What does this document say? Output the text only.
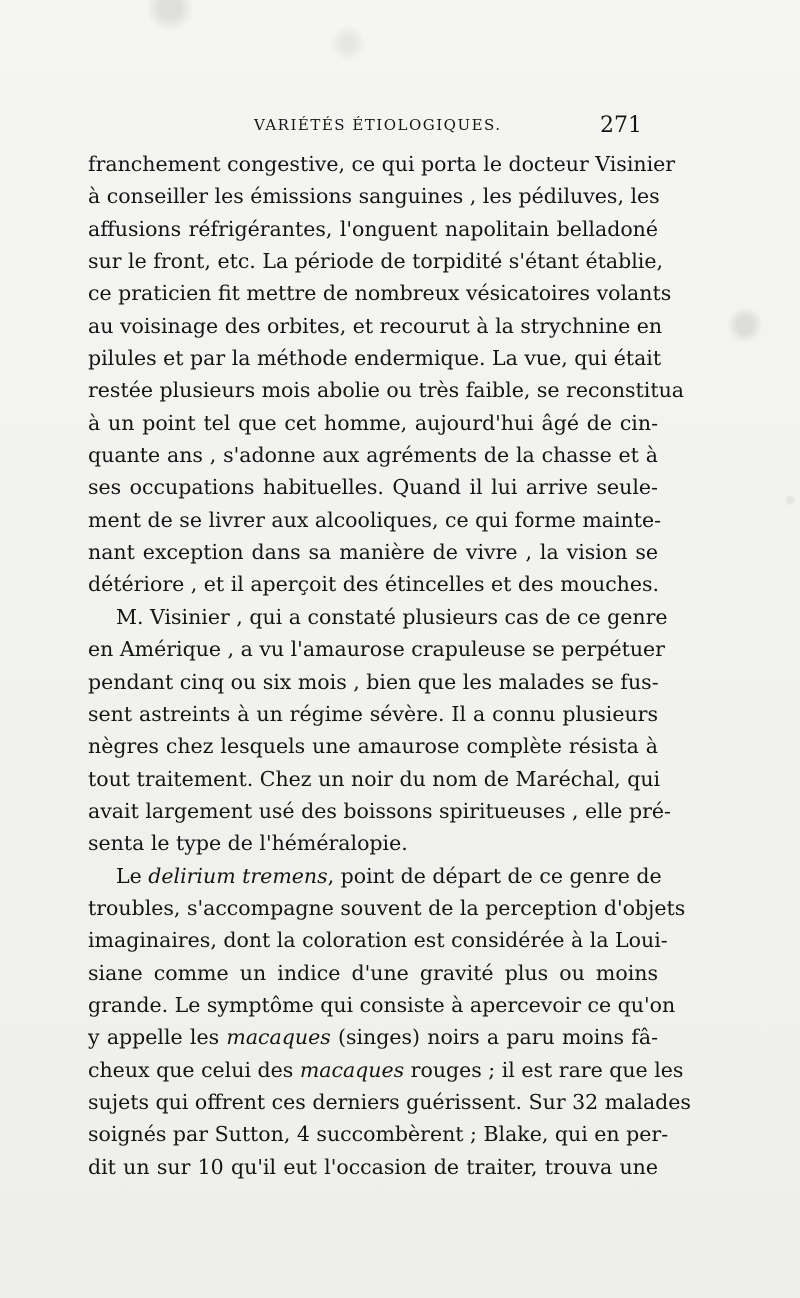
VARIÉTÉS ÉTIOLOGIQUES.	271
franchement congestive, ce qui porta le docteur Visinier
à conseiller les émissions sanguines , les pédiluves, les
affusions réfrigérantes, l'onguent napolitain belladoné
sur le front, etc. La période de torpidité s'étant établie,
ce praticien fit mettre de nombreux vésicatoires volants
au voisinage des orbites, et recourut à la strychnine en
pilules et par la méthode endermique. La vue, qui était
restée plusieurs mois abolie ou très faible, se reconstitua
à un point tel que cet homme, aujourd'hui âgé de cin-
quante ans , s'adonne aux agréments de la chasse et à
ses occupations habituelles. Quand il lui arrive seule-
ment de se livrer aux alcooliques, ce qui forme mainte-
nant exception dans sa manière de vivre , la vision se
détériore , et il aperçoit des étincelles et des mouches.
M. Visinier , qui a constaté plusieurs cas de ce genre
en Amérique , a vu l'amaurose crapuleuse se perpétuer
pendant cinq ou six mois , bien que les malades se fus-
sent astreints à un régime sévère. Il a connu plusieurs
nègres chez lesquels une amaurose complète résista à
tout traitement. Chez un noir du nom de Maréchal, qui
avait largement usé des boissons spiritueuses , elle pré-
senta le type de l'héméralopie.
Le delirium tremens, point de départ de ce genre de
troubles, s'accompagne souvent de la perception d'objets
imaginaires, dont la coloration est considérée à la Loui-
siane comme un indice d'une gravité plus ou moins
grande. Le symptôme qui consiste à apercevoir ce qu'on
y appelle les macaques (singes) noirs a paru moins fâ-
cheux que celui des macaques rouges ; il est rare que les
sujets qui offrent ces derniers guérissent. Sur 32 malades
soignés par Sutton, 4 succombèrent ; Blake, qui en per-
dit un sur 10 qu'il eut l'occasion de traiter, trouva une
